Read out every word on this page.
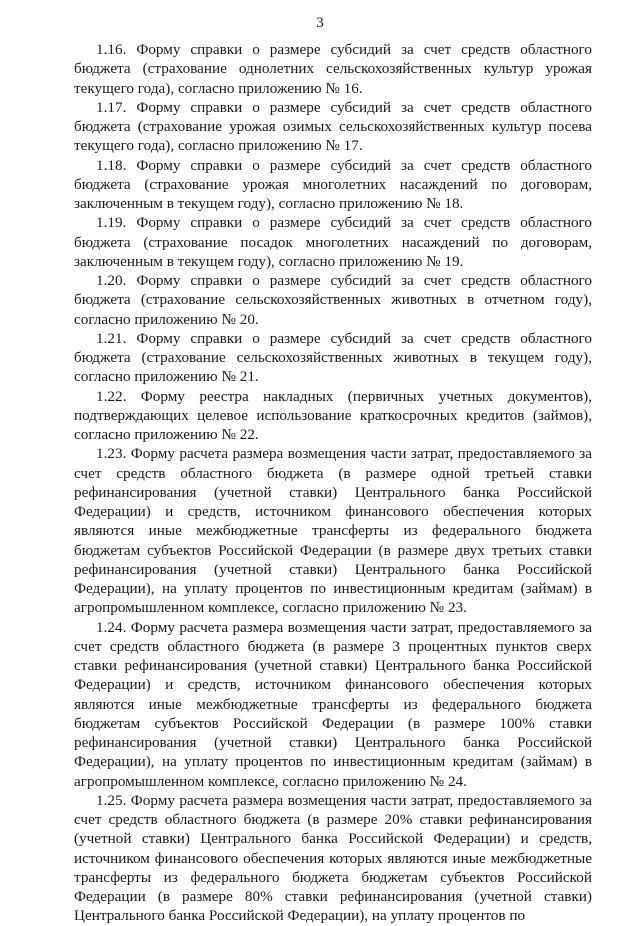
3

1.16. Форму справки о размере субсидий за счет средств областного бюджета (страхование однолетних сельскохозяйственных культур урожая текущего года), согласно приложению № 16.

1.17. Форму справки о размере субсидий за счет средств областного бюджета (страхование урожая озимых сельскохозяйственных культур посева текущего года), согласно приложению № 17.

1.18. Форму справки о размере субсидий за счет средств областного бюджета (страхование урожая многолетних насаждений по договорам, заключенным в текущем году), согласно приложению № 18.

1.19. Форму справки о размере субсидий за счет средств областного бюджета (страхование посадок многолетних насаждений по договорам, заключенным в текущем году), согласно приложению № 19.

1.20. Форму справки о размере субсидий за счет средств областного бюджета (страхование сельскохозяйственных животных в отчетном году), согласно приложению № 20.

1.21. Форму справки о размере субсидий за счет средств областного бюджета (страхование сельскохозяйственных животных в текущем году), согласно приложению № 21.

1.22. Форму реестра накладных (первичных учетных документов), подтверждающих целевое использование краткосрочных кредитов (займов), согласно приложению № 22.

1.23. Форму расчета размера возмещения части затрат, предоставляемого за счет средств областного бюджета (в размере одной третьей ставки рефинансирования (учетной ставки) Центрального банка Российской Федерации) и средств, источником финансового обеспечения которых являются иные межбюджетные трансферты из федерального бюджета бюджетам субъектов Российской Федерации (в размере двух третьих ставки рефинансирования (учетной ставки) Центрального банка Российской Федерации), на уплату процентов по инвестиционным кредитам (займам) в агропромышленном комплексе, согласно приложению № 23.

1.24. Форму расчета размера возмещения части затрат, предоставляемого за счет средств областного бюджета (в размере 3 процентных пунктов сверх ставки рефинансирования (учетной ставки) Центрального банка Российской Федерации) и средств, источником финансового обеспечения которых являются иные межбюджетные трансферты из федерального бюджета бюджетам субъектов Российской Федерации (в размере 100% ставки рефинансирования (учетной ставки) Центрального банка Российской Федерации), на уплату процентов по инвестиционным кредитам (займам) в агропромышленном комплексе, согласно приложению № 24.

1.25. Форму расчета размера возмещения части затрат, предоставляемого за счет средств областного бюджета (в размере 20% ставки рефинансирования (учетной ставки) Центрального банка Российской Федерации) и средств, источником финансового обеспечения которых являются иные межбюджетные трансферты из федерального бюджета бюджетам субъектов Российской Федерации (в размере 80% ставки рефинансирования (учетной ставки) Центрального банка Российской Федерации), на уплату процентов по
